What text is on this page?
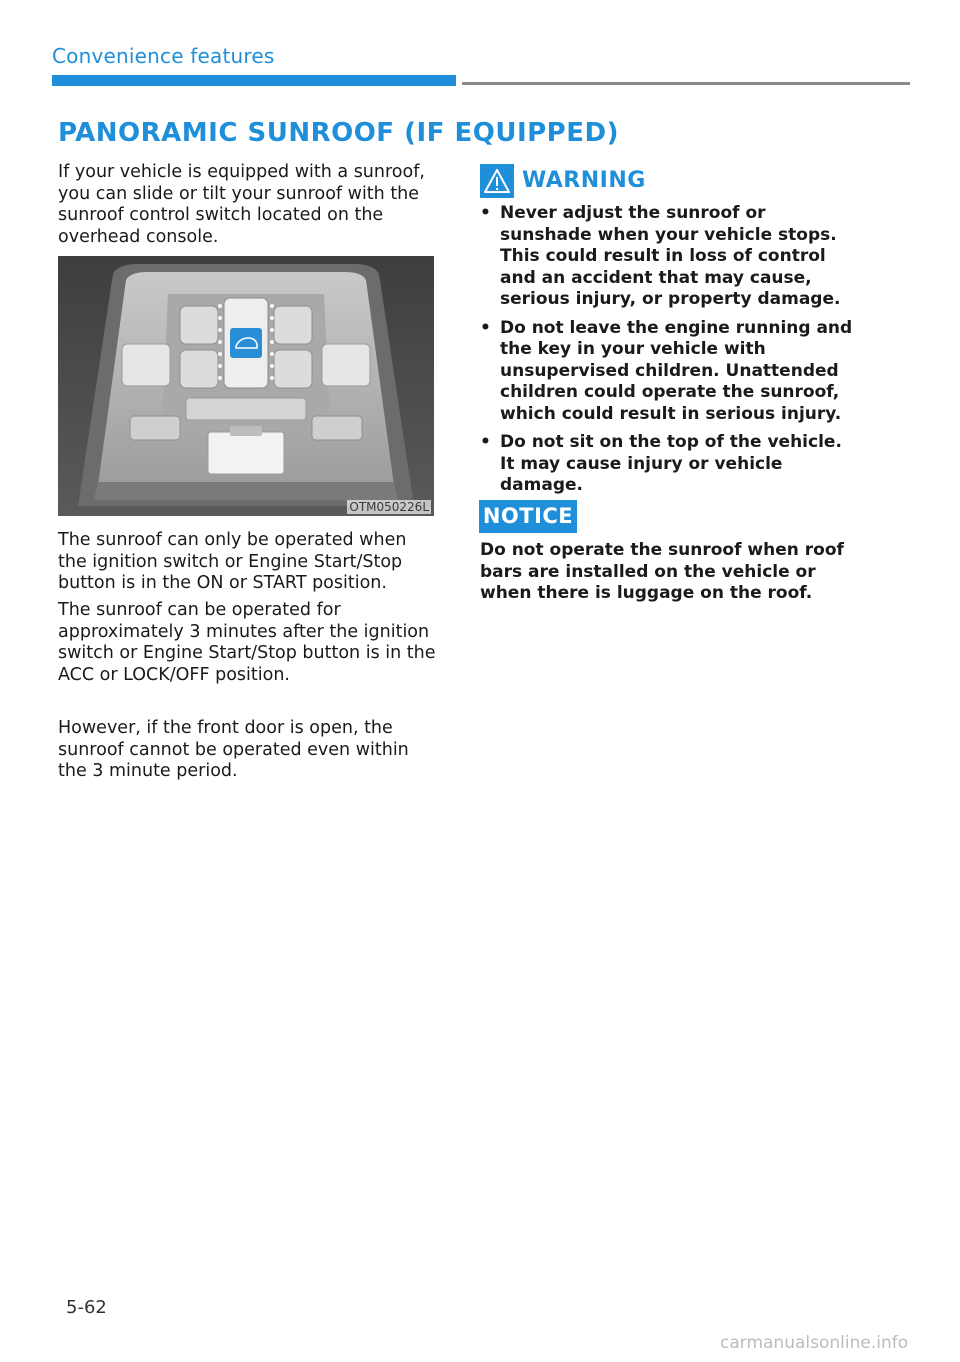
Convenience features
PANORAMIC SUNROOF (IF EQUIPPED)
If your vehicle is equipped with a sunroof, you can slide or tilt your sunroof with the sunroof control switch located on the overhead console.
OTM050226L
The sunroof can only be operated when the ignition switch or Engine Start/Stop button is in the ON or START position.
The sunroof can be operated for approximately 3 minutes after the ignition switch or Engine Start/Stop button is in the ACC or LOCK/OFF position.
However, if the front door is open, the sunroof cannot be operated even within the 3 minute period.
WARNING
• Never adjust the sunroof or sunshade when your vehicle stops. This could result in loss of control and an accident that may cause, serious injury, or property damage.
• Do not leave the engine running and the key in your vehicle with unsupervised children. Unattended children could operate the sunroof, which could result in serious injury.
• Do not sit on the top of the vehicle. It may cause injury or vehicle damage.
NOTICE
Do not operate the sunroof when roof bars are installed on the vehicle or when there is luggage on the roof.
5-62
carmanualsonline.info
